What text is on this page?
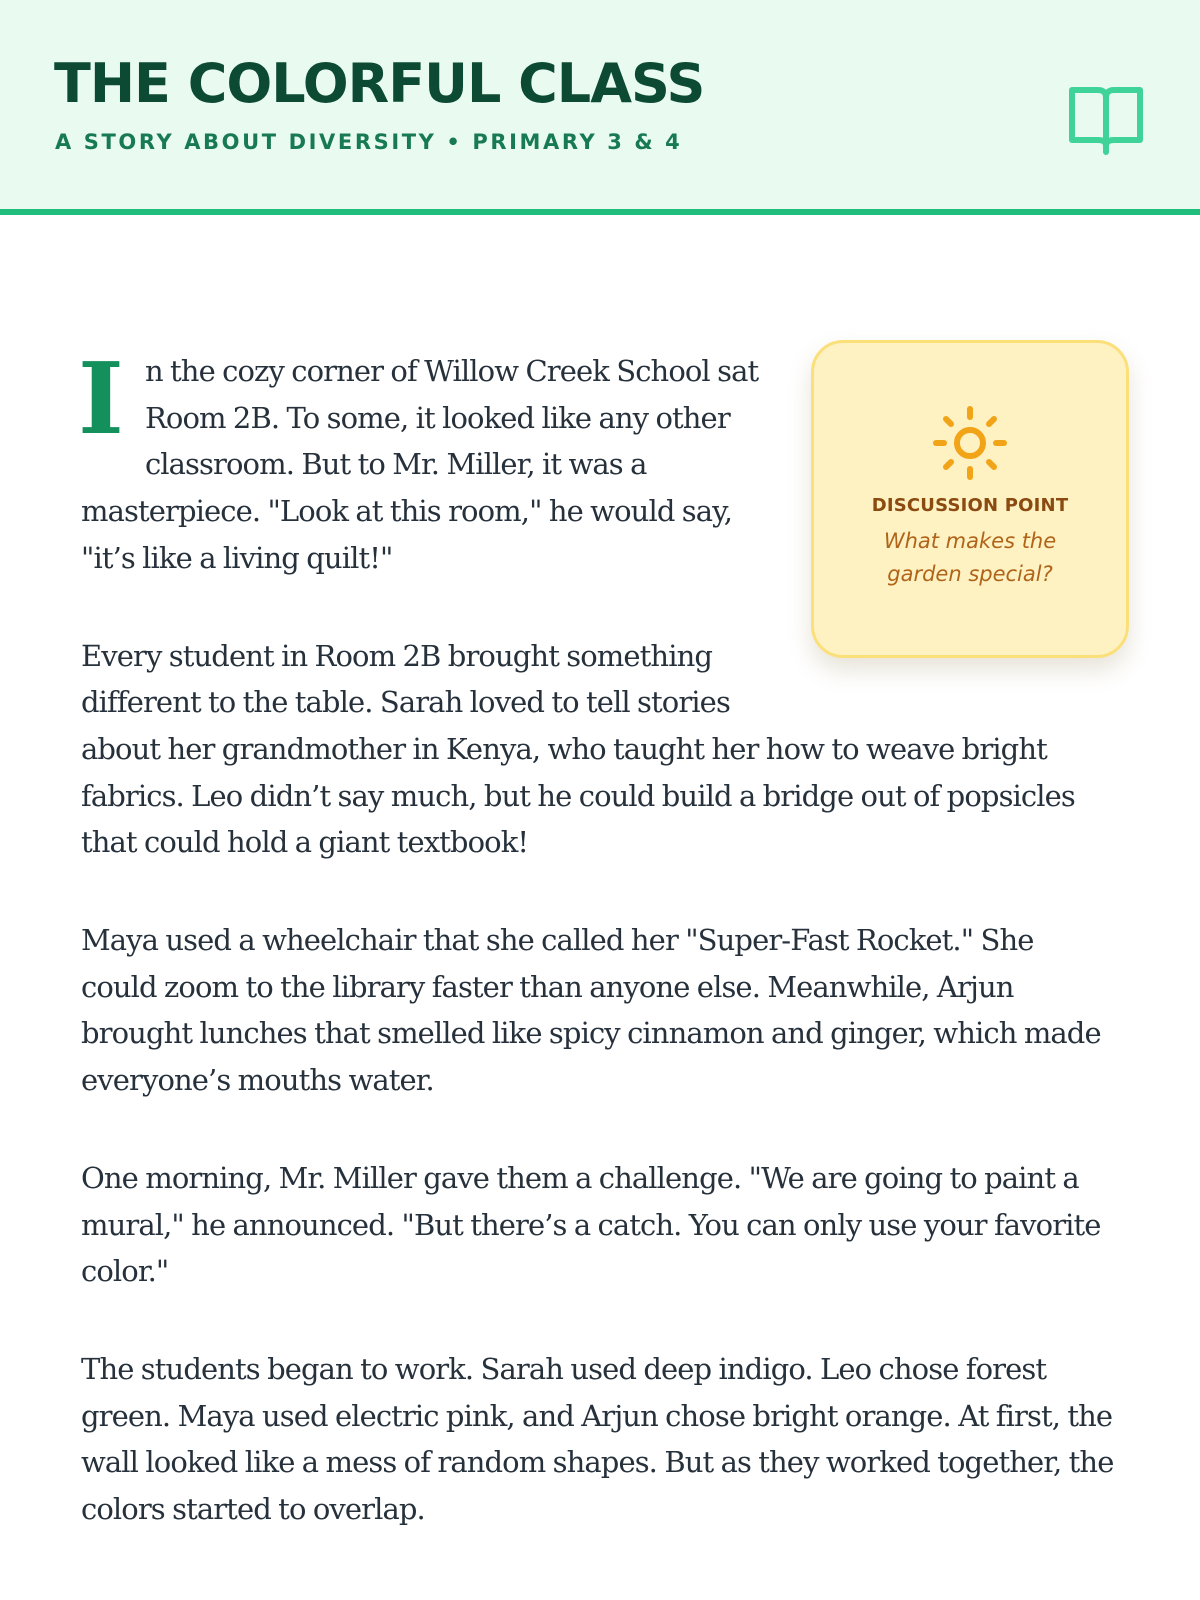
THE COLORFUL CLASS
A STORY ABOUT DIVERSITY • PRIMARY 3 & 4
DISCUSSION POINT
What makes the garden special?

In the cozy corner of Willow Creek School sat Room 2B. To some, it looked like any other classroom. But to Mr. Miller, it was a masterpiece. "Look at this room," he would say, "it’s like a living quilt!"

Every student in Room 2B brought something different to the table. Sarah loved to tell stories about her grandmother in Kenya, who taught her how to weave bright fabrics. Leo didn’t say much, but he could build a bridge out of popsicles that could hold a giant textbook!

Maya used a wheelchair that she called her "Super-Fast Rocket." She could zoom to the library faster than anyone else. Meanwhile, Arjun brought lunches that smelled like spicy cinnamon and ginger, which made everyone’s mouths water.

One morning, Mr. Miller gave them a challenge. "We are going to paint a mural," he announced. "But there’s a catch. You can only use your favorite color."

The students began to work. Sarah used deep indigo. Leo chose forest green. Maya used electric pink, and Arjun chose bright orange. At first, the wall looked like a mess of random shapes. But as they worked together, the colors started to overlap.
